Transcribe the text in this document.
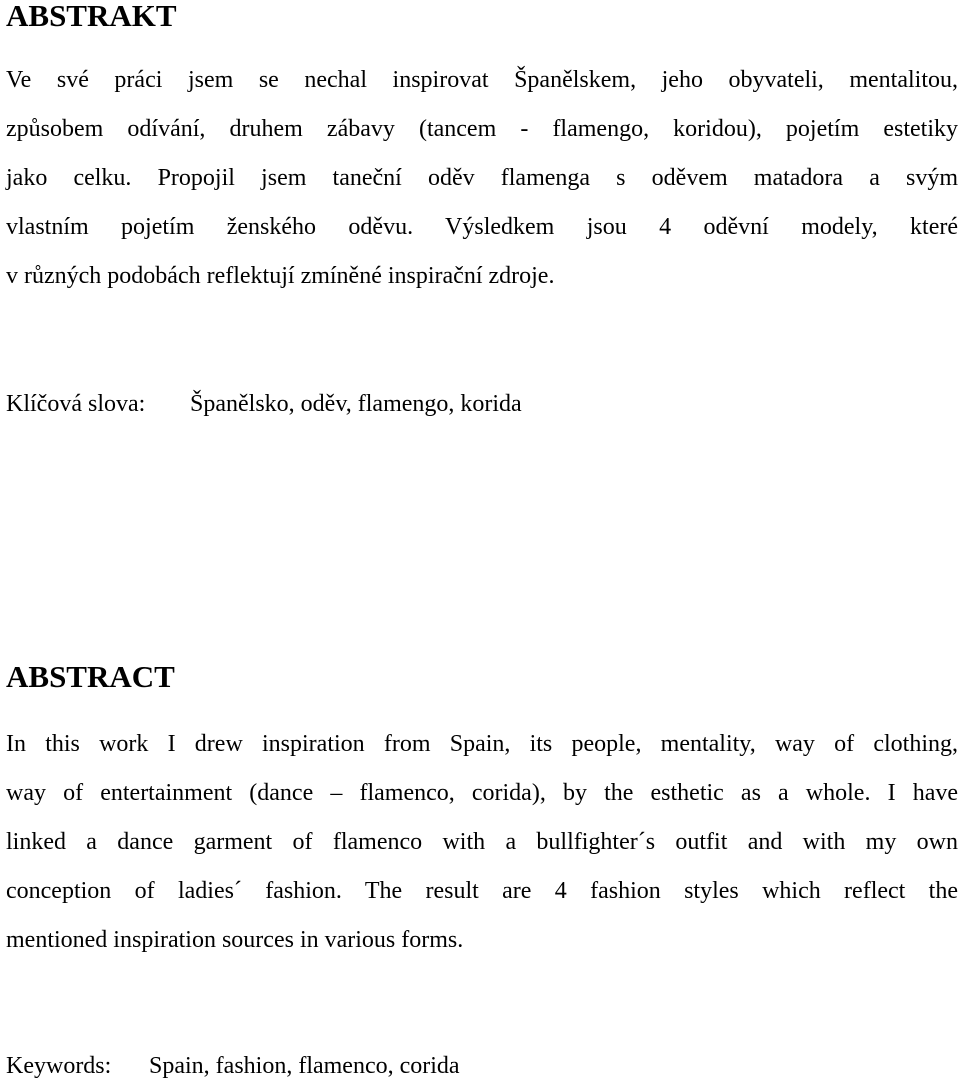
ABSTRAKT
Ve své práci jsem se nechal inspirovat Španělskem, jeho obyvateli, mentalitou,
způsobem odívání, druhem zábavy (tancem - flamengo, koridou), pojetím estetiky
jako celku. Propojil jsem taneční oděv flamenga s oděvem matadora a svým
vlastním pojetím ženského oděvu. Výsledkem jsou 4 oděvní modely, které
v různých podobách reflektují zmíněné inspirační zdroje.

Klíčová slova: Španělsko, oděv, flamengo, korida

ABSTRACT
In this work I drew inspiration from Spain, its people, mentality, way of clothing,
way of entertainment (dance – flamenco, corida), by the esthetic as a whole. I have
linked a dance garment of flamenco with a bullfighter´s outfit and with my own
conception of ladies´ fashion. The result are 4 fashion styles which reflect the
mentioned inspiration sources in various forms.

Keywords: Spain, fashion, flamenco, corida
